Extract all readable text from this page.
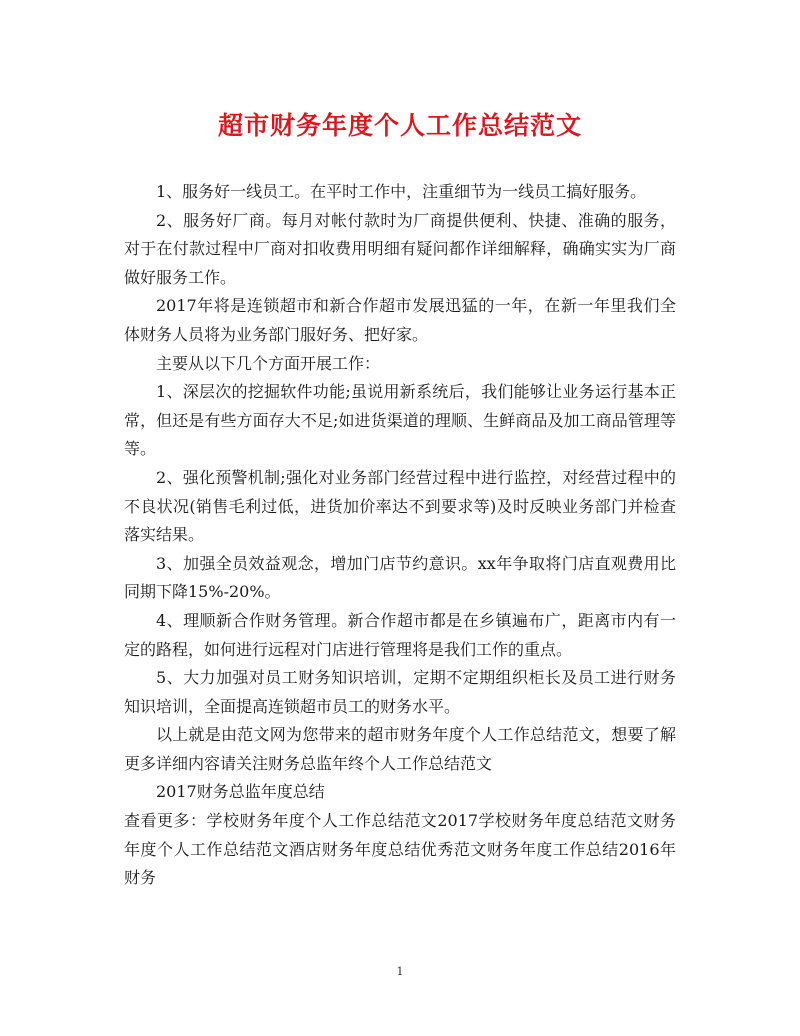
超市财务年度个人工作总结范文

1、服务好一线员工。在平时工作中，注重细节为一线员工搞好服务。

2、服务好厂商。每月对帐付款时为厂商提供便利、快捷、准确的服务，对于在付款过程中厂商对扣收费用明细有疑问都作详细解释，确确实实为厂商做好服务工作。

2017年将是连锁超市和新合作超市发展迅猛的一年，在新一年里我们全体财务人员将为业务部门服好务、把好家。

主要从以下几个方面开展工作：

1、深层次的挖掘软件功能;虽说用新系统后，我们能够让业务运行基本正常，但还是有些方面存大不足;如进货渠道的理顺、生鲜商品及加工商品管理等等。

2、强化预警机制;强化对业务部门经营过程中进行监控，对经营过程中的不良状况(销售毛利过低，进货加价率达不到要求等)及时反映业务部门并检查落实结果。

3、加强全员效益观念，增加门店节约意识。xx年争取将门店直观费用比同期下降15%-20%。

4、理顺新合作财务管理。新合作超市都是在乡镇遍布广，距离市内有一定的路程，如何进行远程对门店进行管理将是我们工作的重点。

5、大力加强对员工财务知识培训，定期不定期组织柜长及员工进行财务知识培训，全面提高连锁超市员工的财务水平。

以上就是由范文网为您带来的超市财务年度个人工作总结范文，想要了解更多详细内容请关注财务总监年终个人工作总结范文

2017财务总监年度总结

查看更多：学校财务年度个人工作总结范文2017学校财务年度总结范文财务年度个人工作总结范文酒店财务年度总结优秀范文财务年度工作总结2016年财务

1
